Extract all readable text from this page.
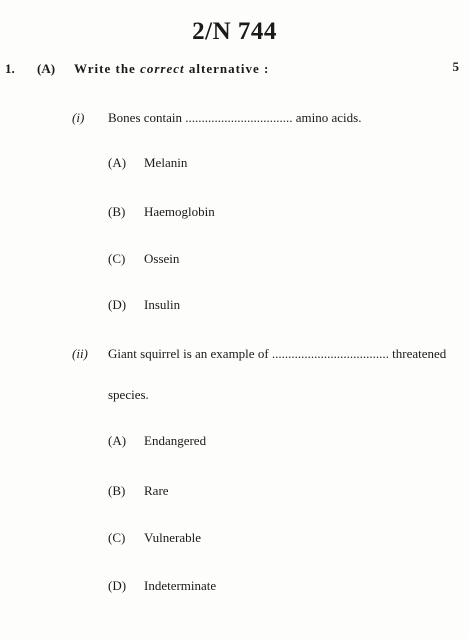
2/N 744
1. (A) Write the correct alternative :	5
(i) Bones contain ................................. amino acids.
(A) Melanin
(B) Haemoglobin
(C) Ossein
(D) Insulin
(ii) Giant squirrel is an example of .................................... threatened
species.
(A) Endangered
(B) Rare
(C) Vulnerable
(D) Indeterminate
